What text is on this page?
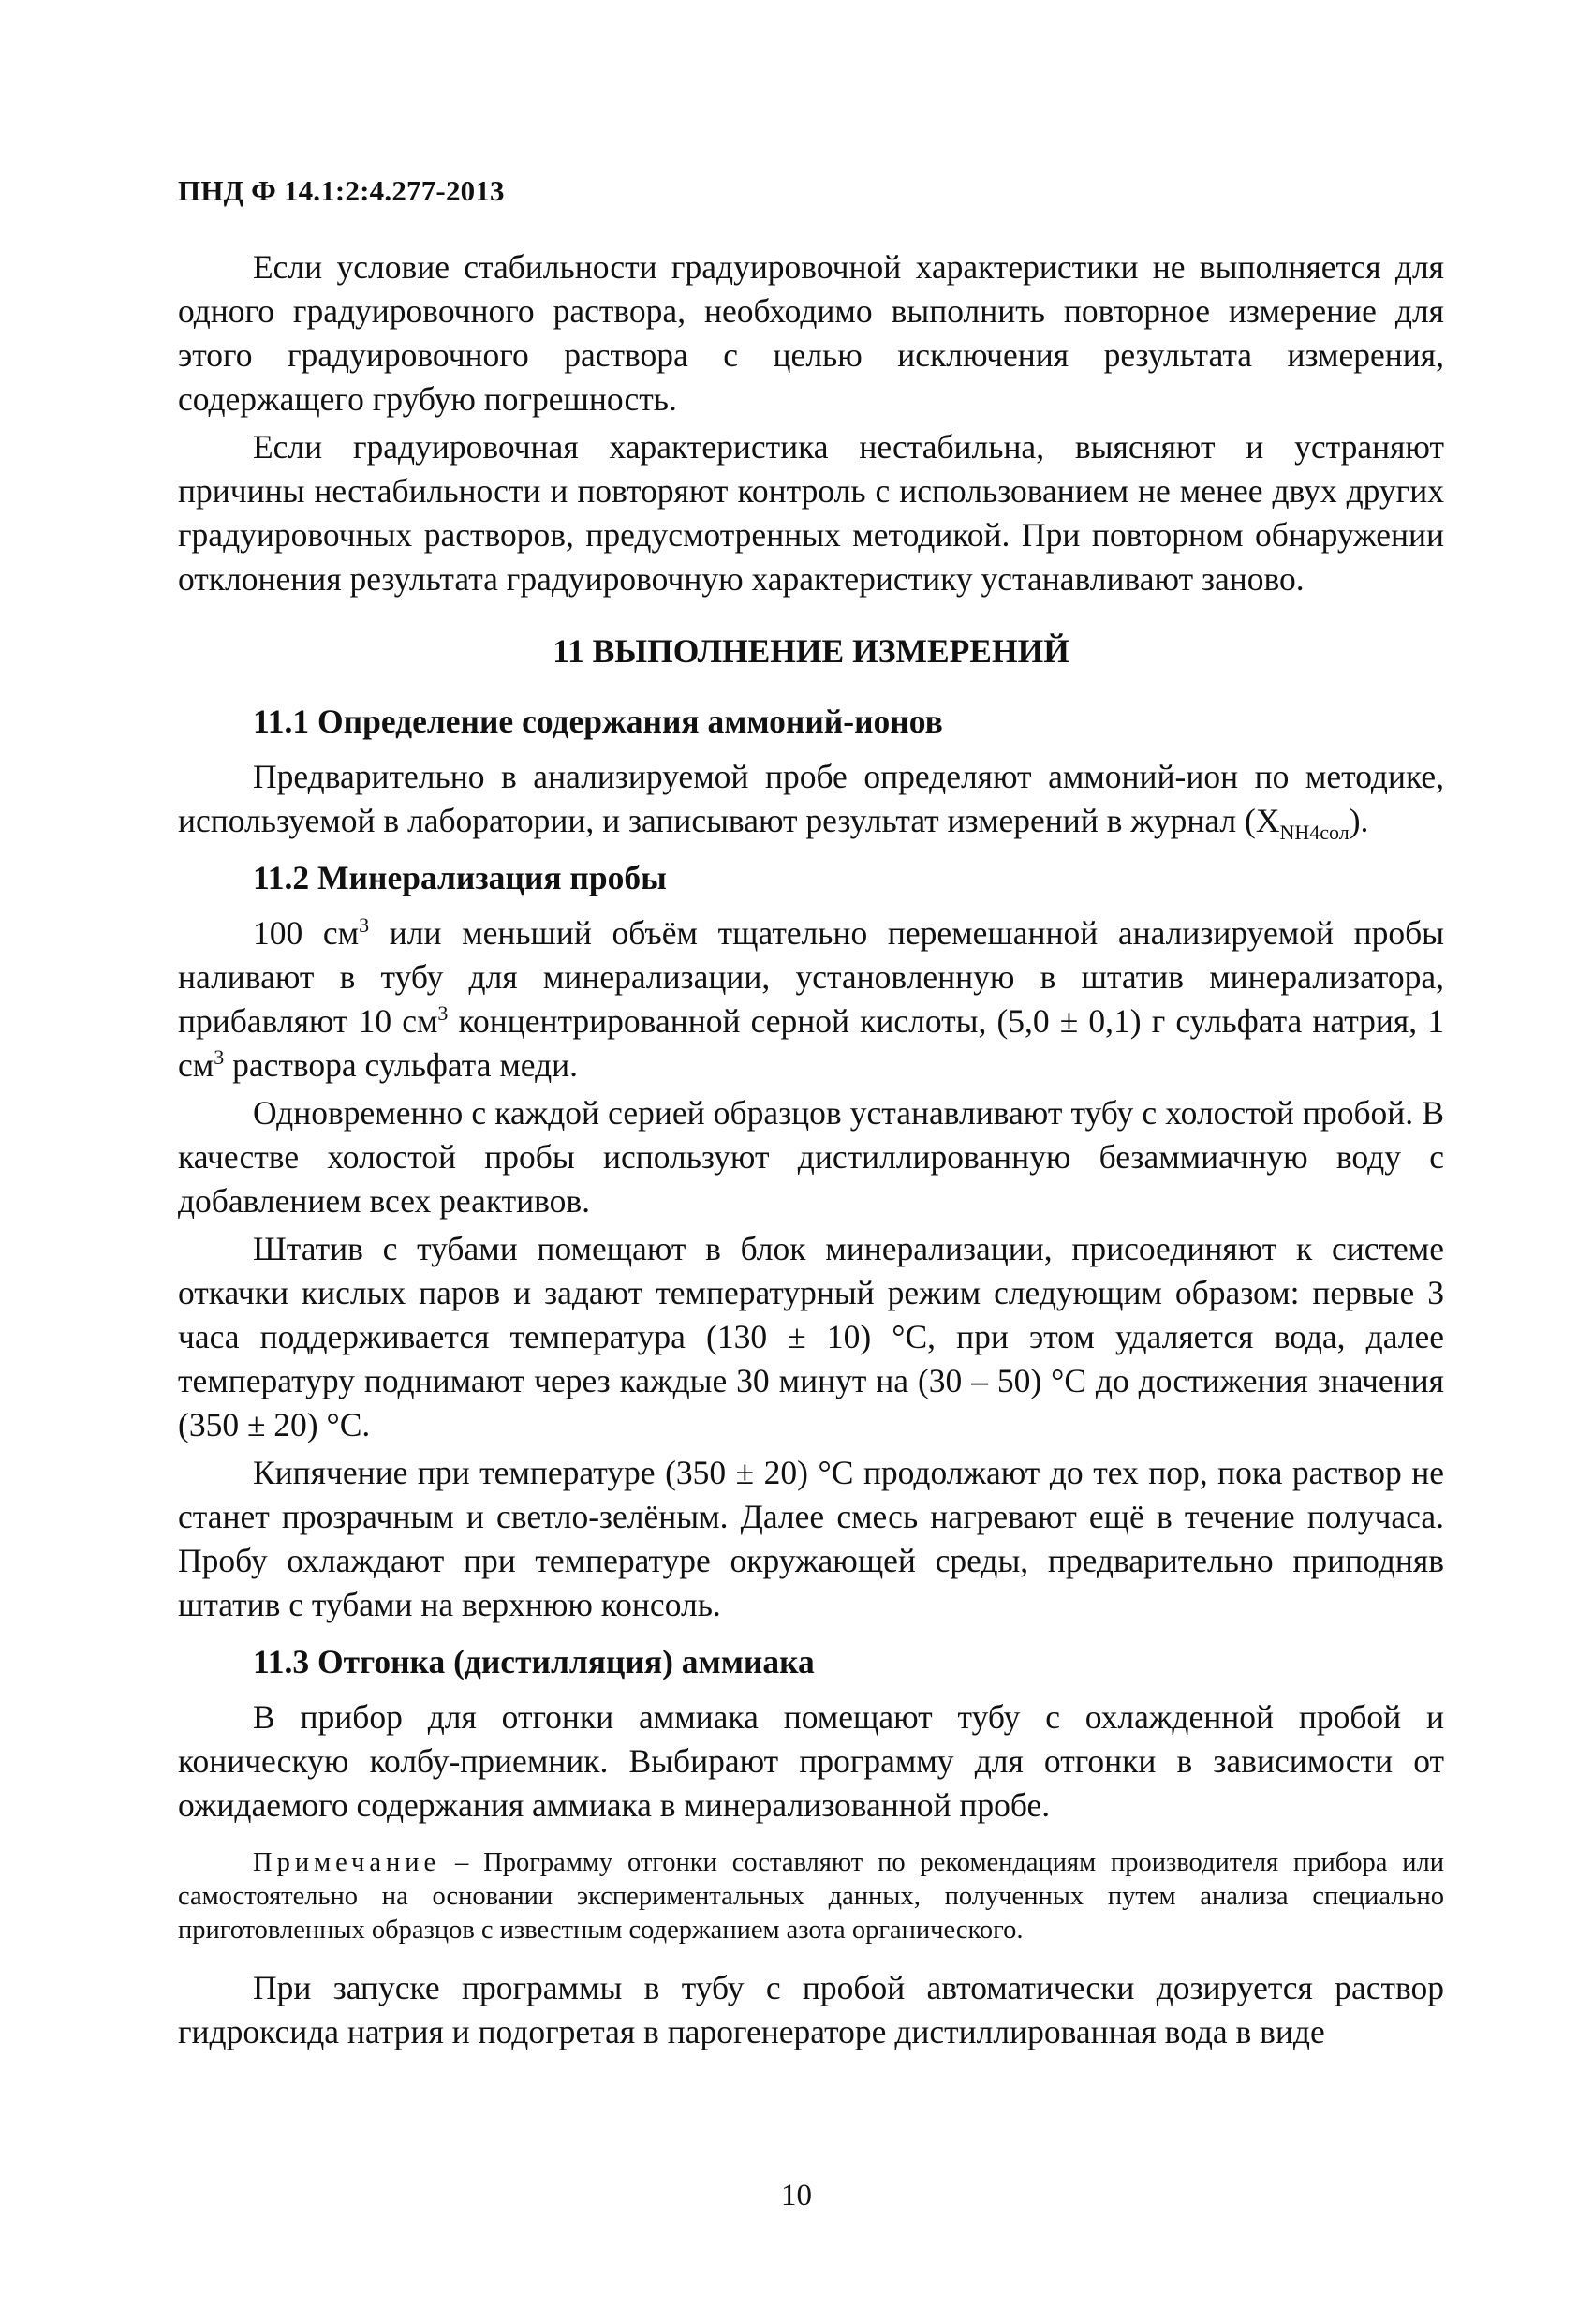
ПНД Ф 14.1:2:4.277-2013

Если условие стабильности градуировочной характеристики не выполняется для одного градуировочного раствора, необходимо выполнить повторное измерение для этого градуировочного раствора с целью исключения результата измерения, содержащего грубую погрешность.

Если градуировочная характеристика нестабильна, выясняют и устраняют причины нестабильности и повторяют контроль с использованием не менее двух других градуировочных растворов, предусмотренных методикой. При повторном обнаружении отклонения результата градуировочную характеристику устанавливают заново.

11 ВЫПОЛНЕНИЕ ИЗМЕРЕНИЙ
11.1 Определение содержания аммоний-ионов

Предварительно в анализируемой пробе определяют аммоний-ион по методике, используемой в лаборатории, и записывают результат измерений в журнал $(X_{NH4сол})$.

11.2 Минерализация пробы

100 $см^3$ или меньший объём тщательно перемешанной анализируемой пробы наливают в тубу для минерализации, установленную в штатив минерализатора, прибавляют 10 $см^3$ концентрированной серной кислоты, (5,0 ± 0,1) г сульфата натрия, 1 $см^3$ раствора сульфата меди.

Одновременно с каждой серией образцов устанавливают тубу с холостой пробой. В качестве холостой пробы используют дистиллированную безаммиачную воду с добавлением всех реактивов.

Штатив с тубами помещают в блок минерализации, присоединяют к системе откачки кислых паров и задают температурный режим следующим образом: первые 3 часа поддерживается температура (130 ± 10) °С, при этом удаляется вода, далее температуру поднимают через каждые 30 минут на (30 – 50) °С до достижения значения (350 ± 20) °С.

Кипячение при температуре (350 ± 20) °С продолжают до тех пор, пока раствор не станет прозрачным и светло-зелёным. Далее смесь нагревают ещё в течение получаса. Пробу охлаждают при температуре окружающей среды, предварительно приподняв штатив с тубами на верхнюю консоль.

11.3 Отгонка (дистилляция) аммиака

В прибор для отгонки аммиака помещают тубу с охлажденной пробой и коническую колбу-приемник. Выбирают программу для отгонки в зависимости от ожидаемого содержания аммиака в минерализованной пробе.

Примечание – Программу отгонки составляют по рекомендациям производителя прибора или самостоятельно на основании экспериментальных данных, полученных путем анализа специально приготовленных образцов с известным содержанием азота органического.

При запуске программы в тубу с пробой автоматически дозируется раствор гидроксида натрия и подогретая в парогенераторе дистиллированная вода в виде

10
